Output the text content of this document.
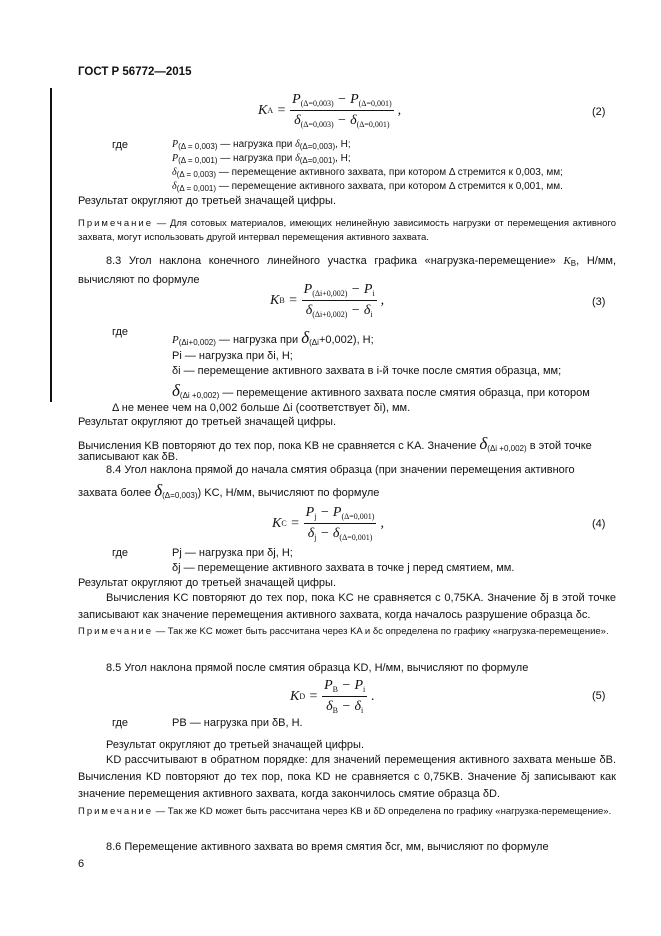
ГОСТ Р 56772—2015
K $A = \frac{P_{(\Delta=0,003)} - P_{(\Delta=0,001)}}{\delta_{(\Delta=0,003)} - \delta_{(\Delta=0,001)}}$ ,	(2)
где	$P_{(\Delta = 0,003)}$ — нагрузка при $\delta_{(\Delta=0,003)}$, Н;
$P_{(\Delta = 0,001)}$ — нагрузка при $\delta_{(\Delta=0,001)}$, Н;
$\delta_{(\Delta = 0,003)}$ — перемещение активного захвата, при котором Δ стремится к 0,003, мм;
$\delta_{(\Delta = 0,001)}$ — перемещение активного захвата, при котором Δ стремится к 0,001, мм.
Результат округляют до третьей значащей цифры.
Примечание — Для сотовых материалов, имеющих нелинейную зависимость нагрузки от перемещения активного захвата, могут использовать другой интервал перемещения активного захвата.
8.3 Угол наклона конечного линейного участка графика «нагрузка-перемещение» KB, Н/мм, вычисляют по формуле
K $B = \frac{P_{(\Delta i+0,002)} - P_i}{\delta_{(\Delta i+0,002)} - \delta_i}$ ,	(3)
где
P(Δi+0,002) — нагрузка при δ(Δi+0,002), Н;
Pi — нагрузка при δi, Н;
δi — перемещение активного захвата в i-й точке после смятия образца, мм;
δ(Δi +0,002) — перемещение активного захвата после смятия образца, при котором
Δ не менее чем на 0,002 больше Δi (соответствует δi), мм.
Результат округляют до третьей значащей цифры.
Вычисления KB повторяют до тех пор, пока KB не сравняется с KA. Значение δ(Δi +0,002) в этой точке
записывают как δB.
8.4 Угол наклона прямой до начала смятия образца (при значении перемещения активного
захвата более δ(Δ=0,003)) KC, Н/мм, вычисляют по формуле
K $C = \frac{P_j - P_{(\Delta=0,001)}}{\delta_j - \delta_{(\Delta=0,001)}}$ ,	(4)
где	Pj — нагрузка при δj, Н;
δj — перемещение активного захвата в точке j перед смятием, мм.
Результат округляют до третьей значащей цифры.
Вычисления KC повторяют до тех пор, пока KC не сравняется с 0,75KA. Значение δj в этой точке записывают как значение перемещения активного захвата, когда началось разрушение образца δc.
Примечание — Так же KC может быть рассчитана через KA и δc определена по графику «нагрузка-перемещение».
8.5 Угол наклона прямой после смятия образца KD, Н/мм, вычисляют по формуле
K $D = \frac{P_B - P_i}{\delta_B - \delta_i}$ .	(5)
где	PB — нагрузка при δB, Н.
Результат округляют до третьей значащей цифры.
KD рассчитывают в обратном порядке: для значений перемещения активного захвата меньше δB. Вычисления KD повторяют до тех пор, пока KD не сравняется с 0,75KB. Значение δj записывают как значение перемещения активного захвата, когда закончилось смятие образца δD.
Примечание — Так же KD может быть рассчитана через KB и δD определена по графику «нагрузка-перемещение».
8.6 Перемещение активного захвата во время смятия δcr, мм, вычисляют по формуле
6
